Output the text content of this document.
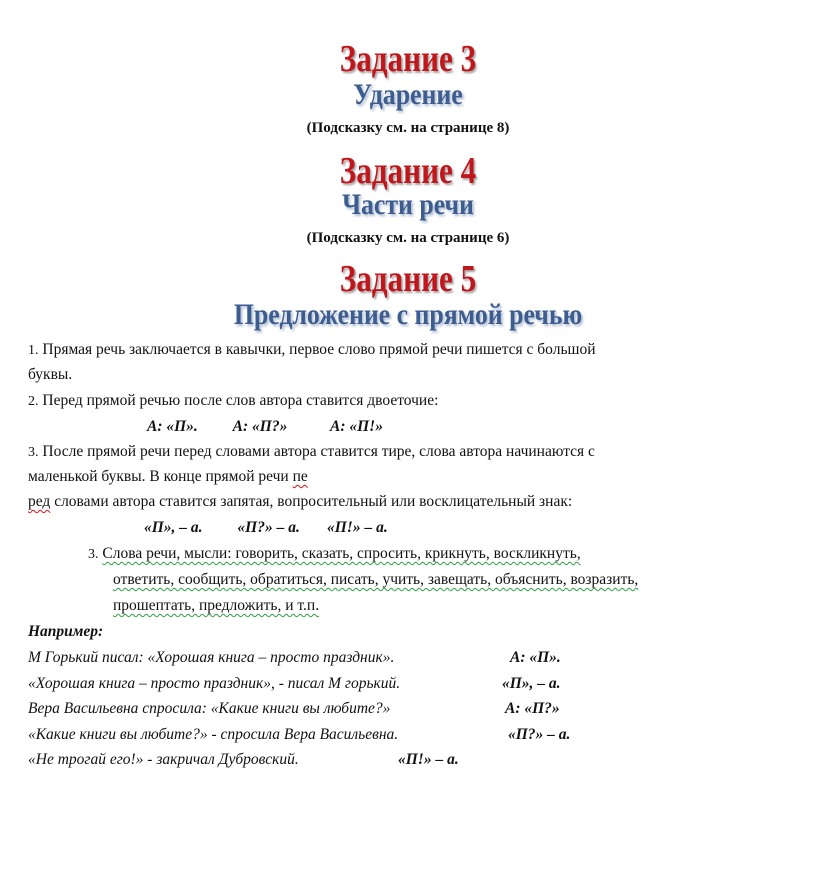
Задание 3
Ударение

(Подсказку см. на странице 8)

Задание 4
Части речи

(Подсказку см. на странице 6)

Задание 5
Предложение с прямой речью

1. Прямая речь заключается в кавычки, первое слово прямой речи пишется с большой

буквы.

2. Перед прямой речью после слов автора ставится двоеточие:

А: «П».         А: «П?»           А: «П!»

3. После прямой речи перед словами автора ставится тире, слова автора начинаются с

маленькой буквы. В конце прямой речи пе

ред словами автора ставится запятая, вопросительный или восклицательный знак:

«П», – а.         «П?» – а.       «П!» – а.

3. Слова речи, мысли: говорить, сказать, спросить, крикнуть, воскликнуть,

ответить, сообщить, обратиться, писать, учить, завещать, объяснить, возразить,

прошептать, предложить, и т.п.

Например:

М Горький писал: «Хорошая книга – просто праздник».	А: «П».

«Хорошая книга – просто праздник», - писал М горький.	«П», – а.

Вера Васильевна спросила: «Какие книги вы любите?»	А: «П?»

«Какие книги вы любите?» - спросила Вера Васильевна.	«П?» – а.

«Не трогай его!» - закричал Дубровский.	«П!» – а.
